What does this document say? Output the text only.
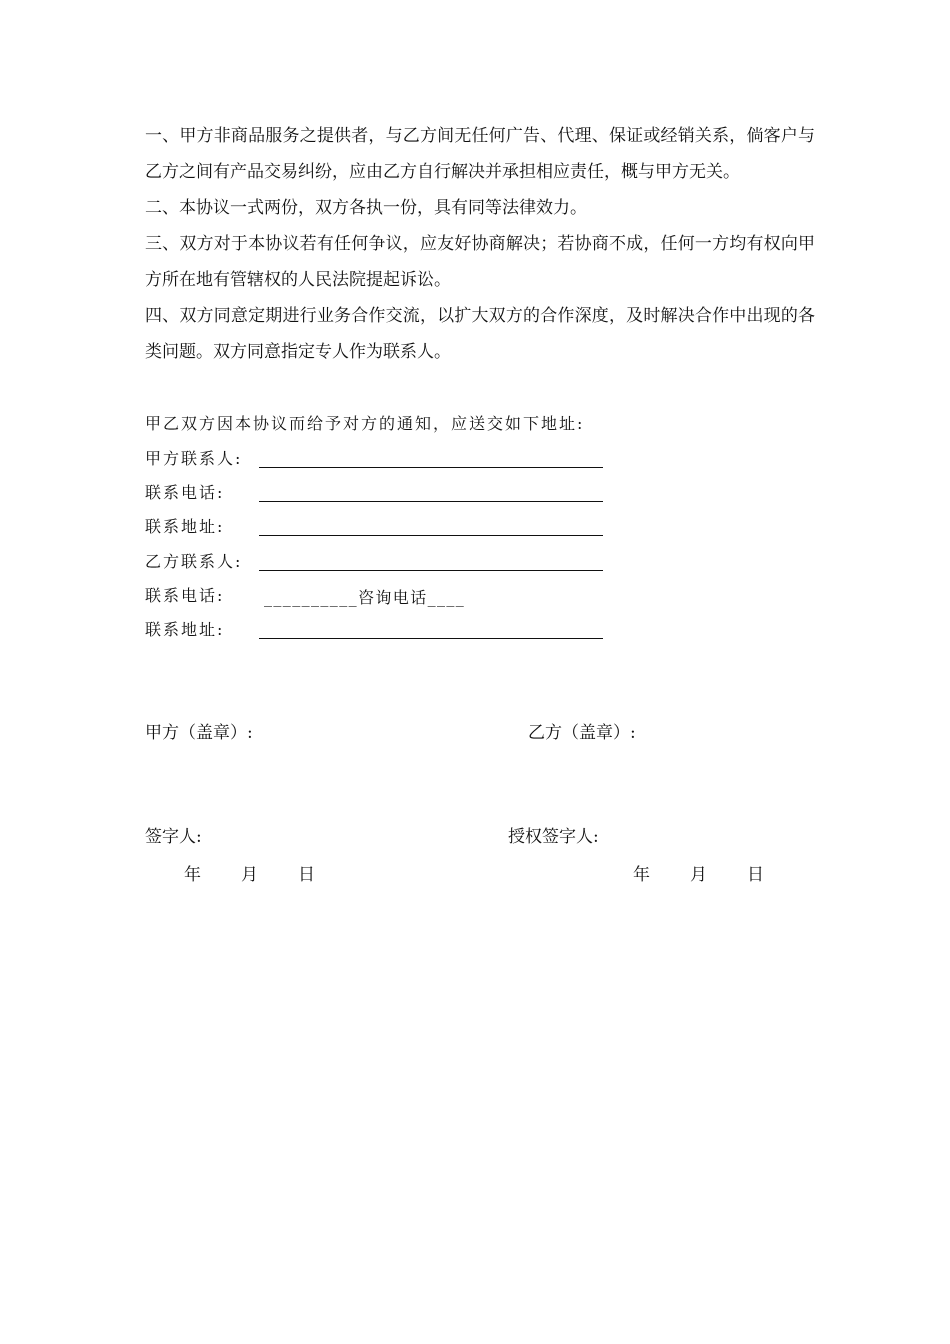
一、甲方非商品服务之提供者，与乙方间无任何广告、代理、保证或经销关系，倘客户与乙方之间有产品交易纠纷，应由乙方自行解决并承担相应责任，概与甲方无关。

二、本协议一式两份，双方各执一份，具有同等法律效力。

三、双方对于本协议若有任何争议，应友好协商解决；若协商不成，任何一方均有权向甲方所在地有管辖权的人民法院提起诉讼。

四、双方同意定期进行业务合作交流，以扩大双方的合作深度，及时解决合作中出现的各类问题。双方同意指定专人作为联系人。

甲乙双方因本协议而给予对方的通知，应送交如下地址:
甲方联系人:
联系电话:
联系地址:
乙方联系人:
联系电话: __________咨询电话____
联系地址:
甲方（盖章）:	乙方（盖章）:
签字人:	授权签字人:
年 月 日	年 月 日
